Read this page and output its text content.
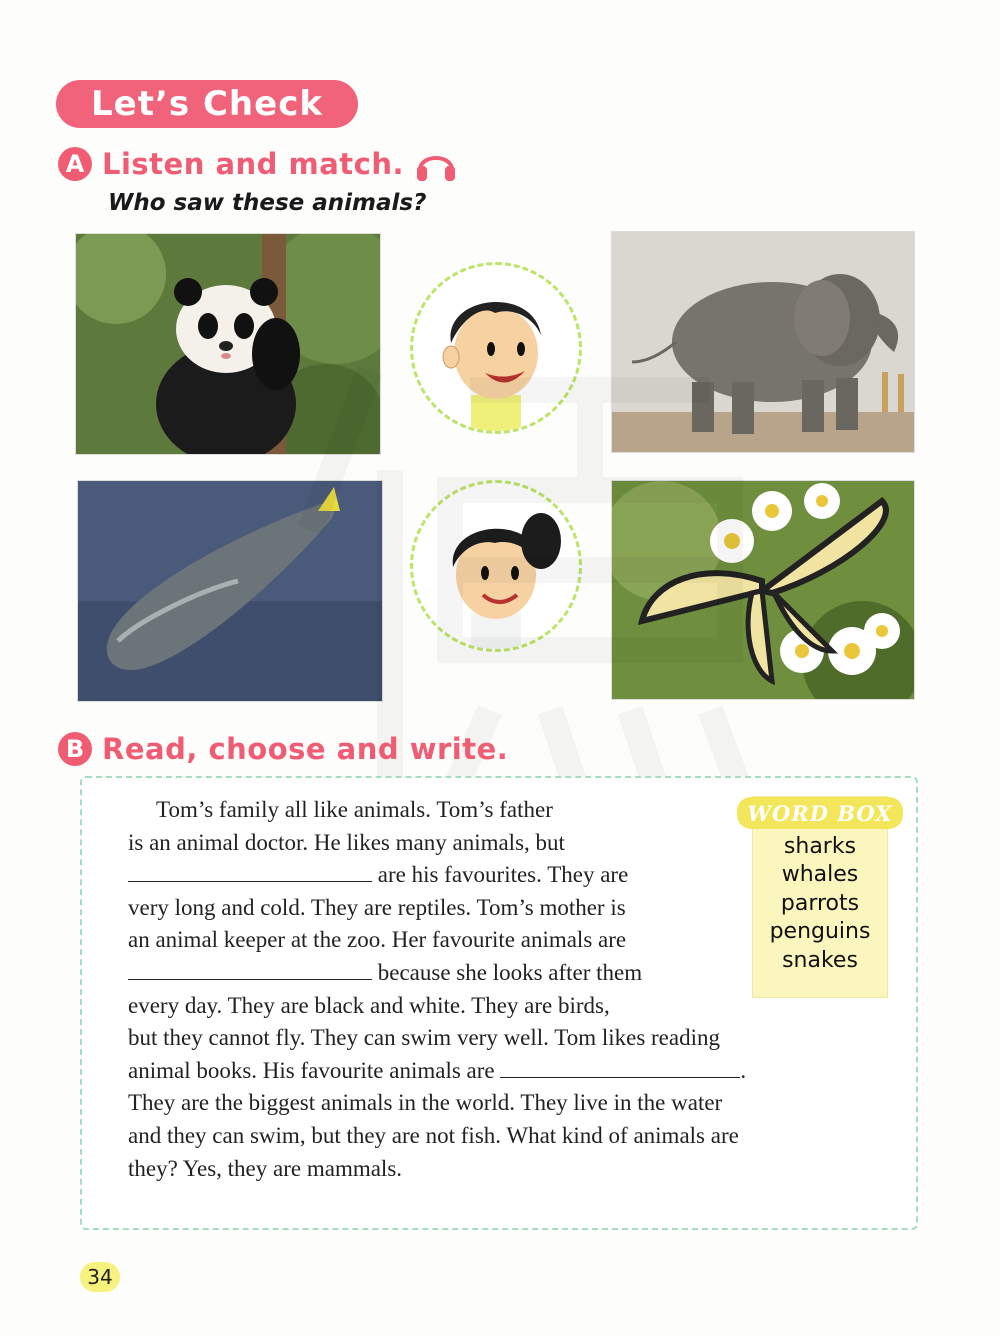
Let’s Check
A Listen and match.
Who saw these animals?
B Read, choose and write.
WORD BOX
sharks
whales
parrots
penguins
snakes

Tom’s family all like animals. Tom’s father

is an animal doctor. He likes many animals, but

are his favourites. They are

very long and cold. They are reptiles. Tom’s mother is

an animal keeper at the zoo. Her favourite animals are

because she looks after them

every day. They are black and white. They are birds,

but they cannot fly. They can swim very well. Tom likes reading

animal books. His favourite animals are	.

They are the biggest animals in the world. They live in the water

and they can swim, but they are not fish. What kind of animals are

they? Yes, they are mammals.

34
